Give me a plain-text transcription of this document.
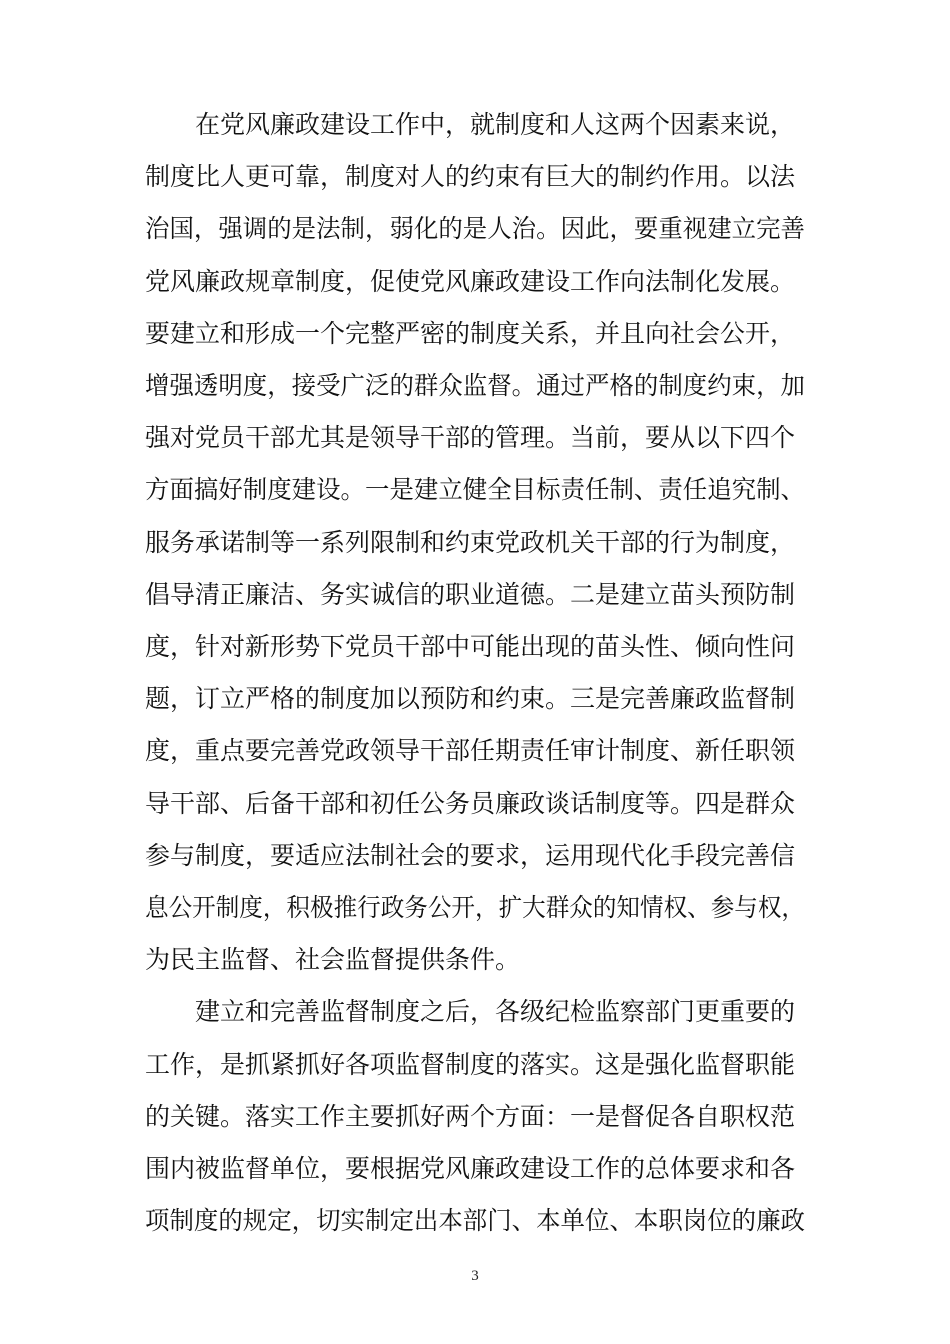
在党风廉政建设工作中，就制度和人这两个因素来说，
制度比人更可靠，制度对人的约束有巨大的制约作用。以法
治国，强调的是法制，弱化的是人治。因此，要重视建立完善
党风廉政规章制度，促使党风廉政建设工作向法制化发展。
要建立和形成一个完整严密的制度关系，并且向社会公开，
增强透明度，接受广泛的群众监督。通过严格的制度约束，加
强对党员干部尤其是领导干部的管理。当前，要从以下四个
方面搞好制度建设。一是建立健全目标责任制、责任追究制、
服务承诺制等一系列限制和约束党政机关干部的行为制度，
倡导清正廉洁、务实诚信的职业道德。二是建立苗头预防制
度，针对新形势下党员干部中可能出现的苗头性、倾向性问
题，订立严格的制度加以预防和约束。三是完善廉政监督制
度，重点要完善党政领导干部任期责任审计制度、新任职领
导干部、后备干部和初任公务员廉政谈话制度等。四是群众
参与制度，要适应法制社会的要求，运用现代化手段完善信
息公开制度，积极推行政务公开，扩大群众的知情权、参与权，
为民主监督、社会监督提供条件。
建立和完善监督制度之后，各级纪检监察部门更重要的
工作，是抓紧抓好各项监督制度的落实。这是强化监督职能
的关键。落实工作主要抓好两个方面：一是督促各自职权范
围内被监督单位，要根据党风廉政建设工作的总体要求和各
项制度的规定，切实制定出本部门、本单位、本职岗位的廉政
3
